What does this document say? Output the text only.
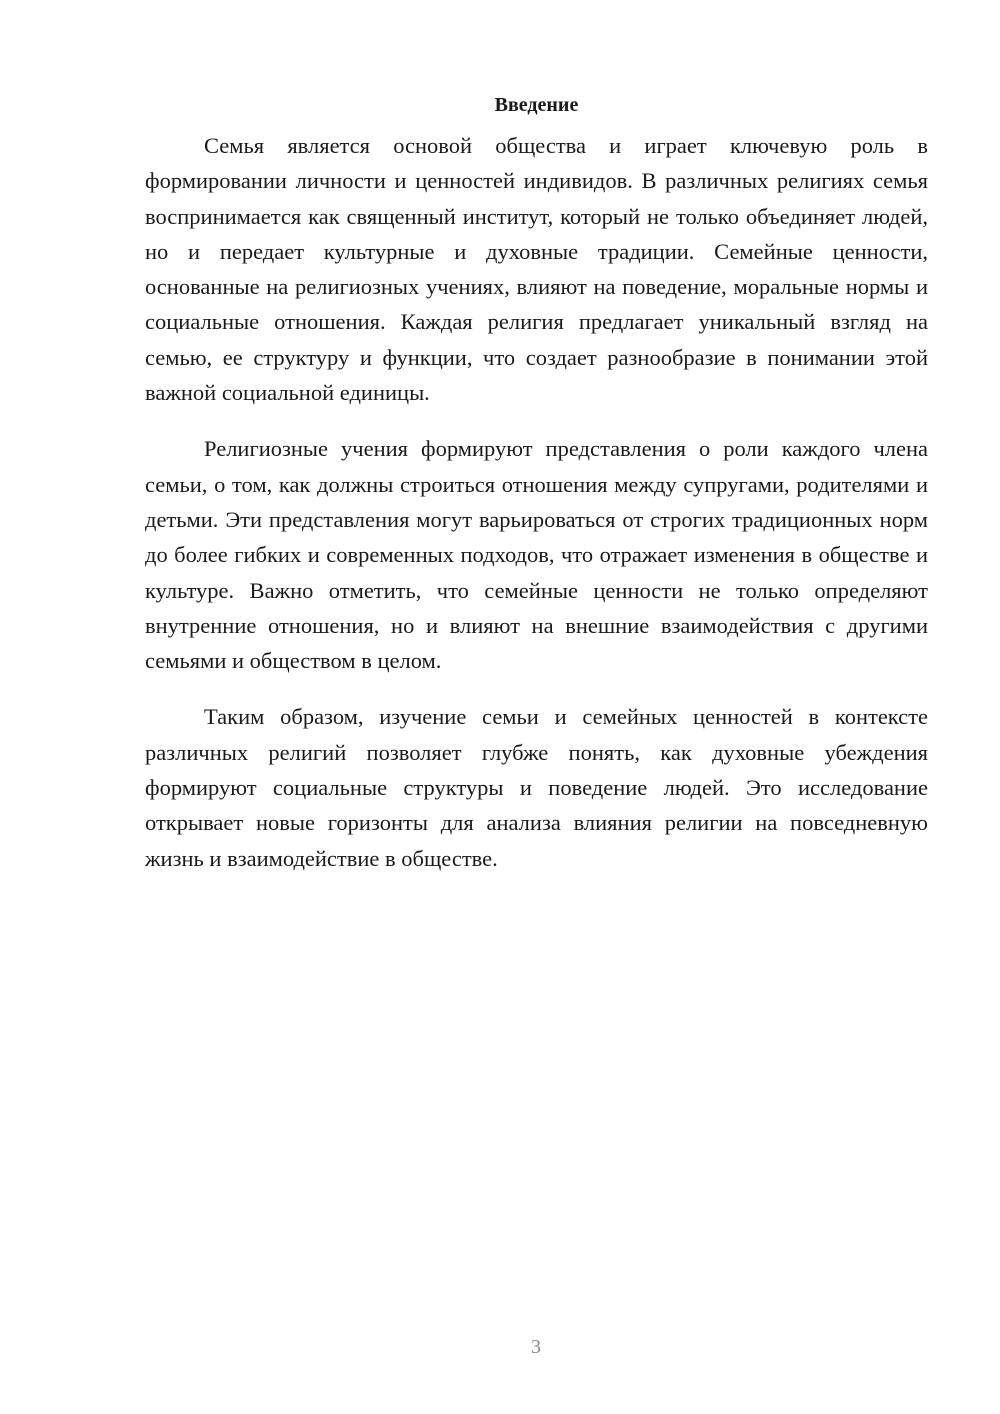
Введение

Семья является основой общества и играет ключевую роль в формировании личности и ценностей индивидов. В различных религиях семья воспринимается как священный институт, который не только объединяет людей, но и передает культурные и духовные традиции. Семейные ценности, основанные на религиозных учениях, влияют на поведение, моральные нормы и социальные отношения. Каждая религия предлагает уникальный взгляд на семью, ее структуру и функции, что создает разнообразие в понимании этой важной социальной единицы.

Религиозные учения формируют представления о роли каждого члена семьи, о том, как должны строиться отношения между супругами, родителями и детьми. Эти представления могут варьироваться от строгих традиционных норм до более гибких и современных подходов, что отражает изменения в обществе и культуре. Важно отметить, что семейные ценности не только определяют внутренние отношения, но и влияют на внешние взаимодействия с другими семьями и обществом в целом.

Таким образом, изучение семьи и семейных ценностей в контексте различных религий позволяет глубже понять, как духовные убеждения формируют социальные структуры и поведение людей. Это исследование открывает новые горизонты для анализа влияния религии на повседневную жизнь и взаимодействие в обществе.

3
